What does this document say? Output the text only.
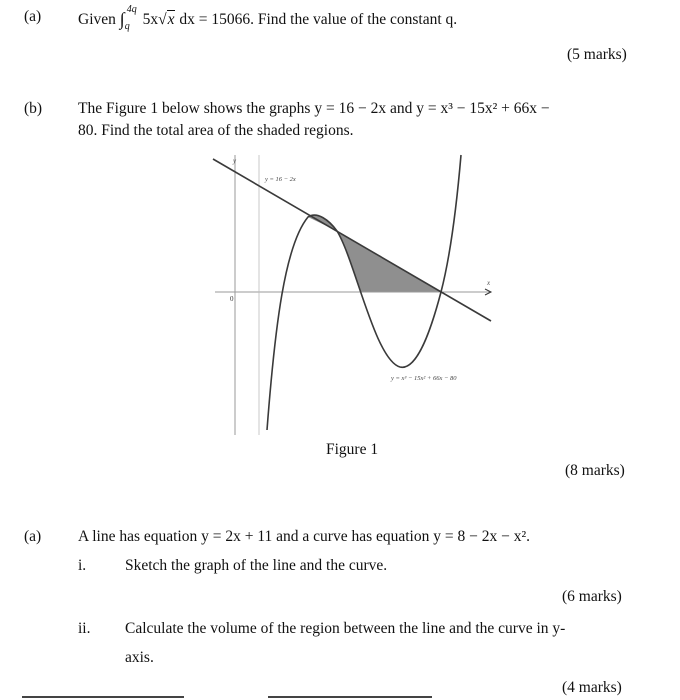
(a) Given ∫ 4q
q 5x√x dx = 15066. Find the value of the constant q.
(5 marks)
(b) The Figure 1 below shows the graphs y = 16 − 2x and y = x³ − 15x² + 66x −
80. Find the total area of the shaded regions.
y
x
0
y = 16 − 2x
y = x³ − 15x² + 66x − 80
Figure 1
(8 marks)
(a) A line has equation y = 2x + 11 and a curve has equation y = 8 − 2x − x².
i.	Sketch the graph of the line and the curve.
(6 marks)
ii. Calculate the volume of the region between the line and the curve in y-
axis.
(4 marks)
